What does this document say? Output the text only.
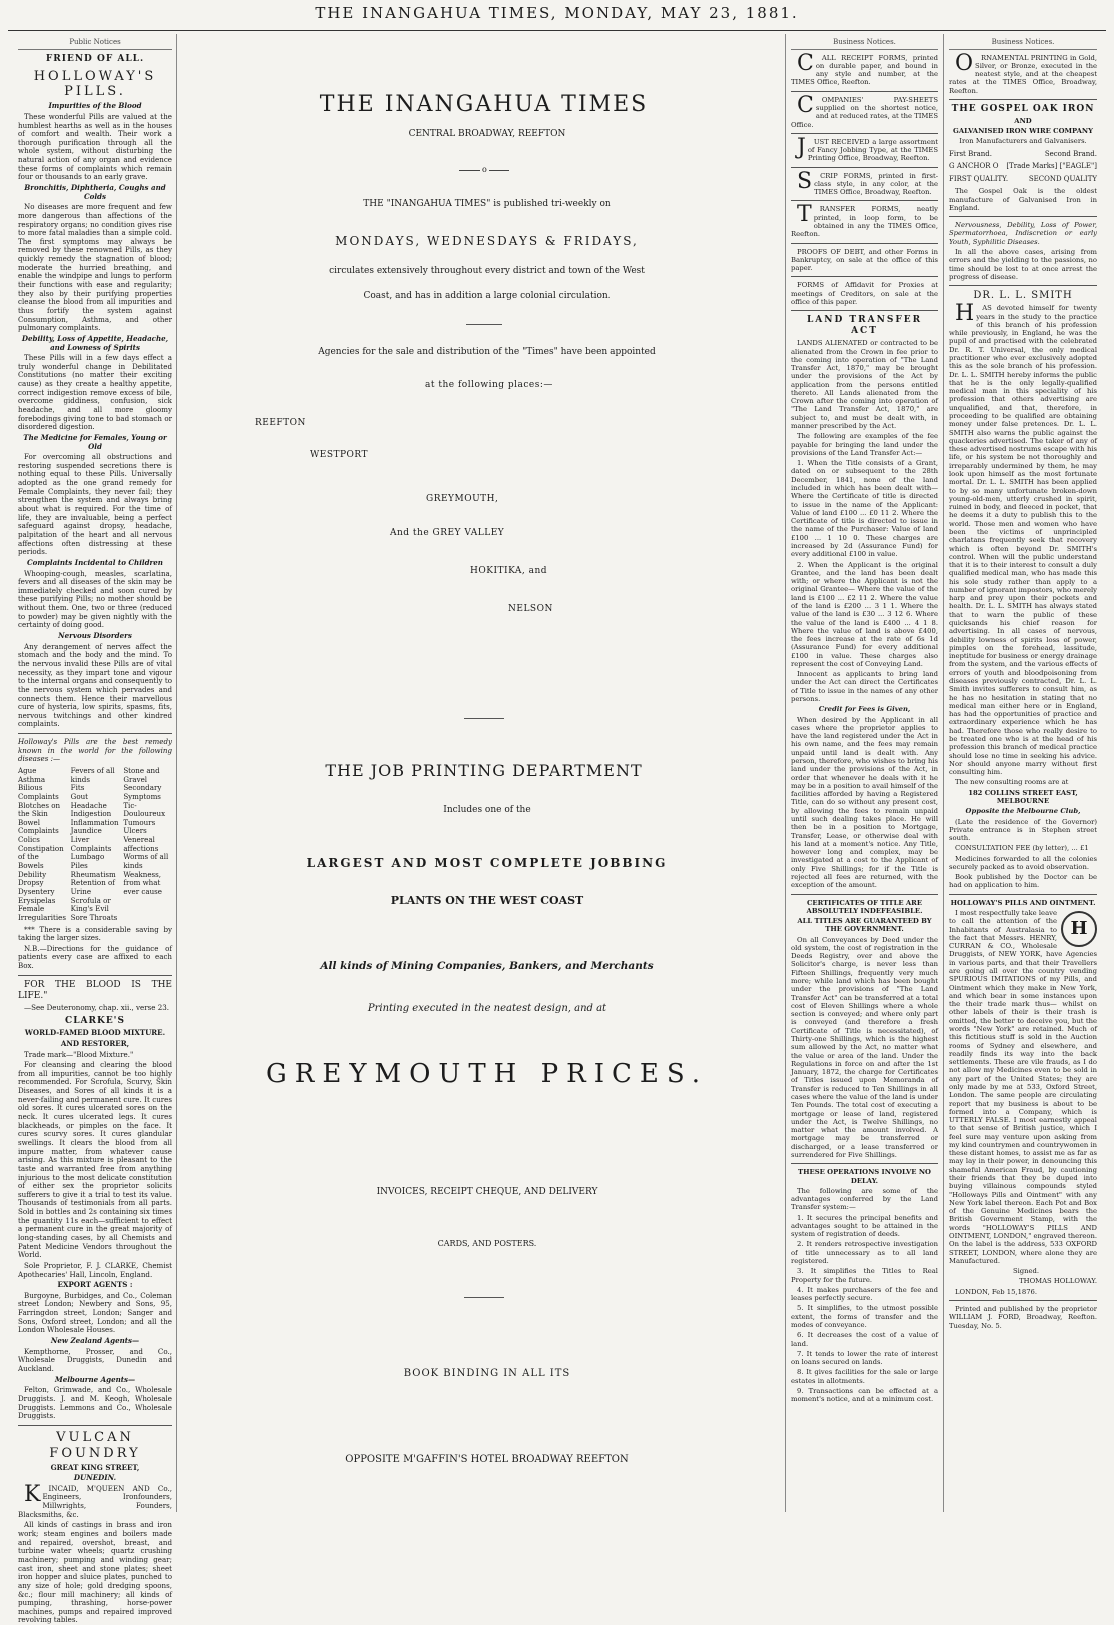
THE INANGAHUA TIMES, MONDAY, MAY 23, 1881.
Public Notices
FRIEND OF ALL.
HOLLOWAY'S PILLS.
Impurities of the Blood

These wonderful Pills are valued at the humblest hearths as well as in the houses of comfort and wealth. Their work a thorough purification through all the whole system, without disturbing the natural action of any organ and evidence these forms of complaints which remain four or thousands to an early grave.

Bronchitis, Diphtheria, Coughs and Colds

No diseases are more frequent and few more dangerous than affections of the respiratory organs; no condition gives rise to more fatal maladies than a simple cold. The first symptoms may always be removed by these renowned Pills, as they quickly remedy the stagnation of blood; moderate the hurried breathing, and enable the windpipe and lungs to perform their functions with ease and regularity; they also by their purifying properties cleanse the blood from all impurities and thus fortify the system against Consumption, Asthma, and other pulmonary complaints.

Debility, Loss of Appetite, Headache, and Lowness of Spirits

These Pills will in a few days effect a truly wonderful change in Debilitated Constitutions (no matter their exciting cause) as they create a healthy appetite, correct indigestion remove excess of bile, overcome giddiness, confusion, sick headache, and all more gloomy forebodings giving tone to bad stomach or disordered digestion.

The Medicine for Females, Young or Old

For overcoming all obstructions and restoring suspended secretions there is nothing equal to these Pills. Universally adopted as the one grand remedy for Female Complaints, they never fail; they strengthen the system and always bring about what is required. For the time of life, they are invaluable, being a perfect safeguard against dropsy, headache, palpitation of the heart and all nervous affections often distressing at these periods.

Complaints Incidental to Children

Whooping-cough, measles, scarlatina, fevers and all diseases of the skin may be immediately checked and soon cured by these purifying Pills; no mother should be without them. One, two or three (reduced to powder) may be given nightly with the certainty of doing good.

Nervous Disorders

Any derangement of nerves affect the stomach and the body and the mind. To the nervous invalid these Pills are of vital necessity, as they impart tone and vigour to the internal organs and consequently to the nervous system which pervades and connects them. Hence their marvellous cure of hysteria, low spirits, spasms, fits, nervous twitchings and other kindred complaints.

Holloway's Pills are the best remedy known in the world for the following diseases :—
Ague
Asthma
Bilious Complaints
Blotches on the Skin
Bowel Complaints
Colics
Constipation of the Bowels
Debility
Dropsy
Dysentery
Erysipelas
Female Irregularities
Fevers of all kinds
Fits
Gout
Headache
Indigestion
Inflammation
Jaundice
Liver Complaints
Lumbago
Piles
Rheumatism
Retention of Urine
Scrofula or King's Evil
Sore Throats
Stone and Gravel
Secondary Symptoms
Tic-Douloureux
Tumours
Ulcers
Venereal affections
Worms of all kinds
Weakness, from what ever cause

*** There is a considerable saving by taking the larger sizes.

N.B.—Directions for the guidance of patients every case are affixed to each Box.

FOR THE BLOOD IS THE LIFE."

—See Deuteronomy, chap. xii., verse 23.

CLARKE'S
WORLD-FAMED BLOOD MIXTURE.
AND RESTORER,

Trade mark—"Blood Mixture."

For cleansing and clearing the blood from all impurities, cannot be too highly recommended. For Scrofula, Scurvy, Skin Diseases, and Sores of all kinds it is a never-failing and permanent cure. It cures old sores. It cures ulcerated sores on the neck. It cures ulcerated legs. It cures blackheads, or pimples on the face. It cures scurvy sores. It cures glandular swellings. It clears the blood from all impure matter, from whatever cause arising. As this mixture is pleasant to the taste and warranted free from anything injurious to the most delicate constitution of either sex the proprietor solicits sufferers to give it a trial to test its value. Thousands of testimonials from all parts. Sold in bottles and 2s containing six times the quantity 11s each—sufficient to effect a permanent cure in the great majority of long-standing cases, by all Chemists and Patent Medicine Vendors throughout the World.

Sole Proprietor, F. J. CLARKE, Chemist Apothecaries' Hall, Lincoln, England.

EXPORT AGENTS :

Burgoyne, Burbidges, and Co., Coleman street London; Newbery and Sons, 95, Farringdon street, London; Sanger and Sons, Oxford street, London; and all the London Wholesale Houses.

New Zealand Agents—

Kempthorne, Prosser, and Co., Wholesale Druggists, Dunedin and Auckland.

Melbourne Agents—

Felton, Grimwade, and Co., Wholesale Druggists. J. and M. Keogh, Wholesale Druggists. Lemmons and Co., Wholesale Druggists.

VULCAN FOUNDRY
GREAT KING STREET,
DUNEDIN.

KINCAID, M'QUEEN AND Co., Engineers, Ironfounders, Millwrights, Founders, Blacksmiths, &c.

All kinds of castings in brass and iron work; steam engines and boilers made and repaired, overshot, breast, and turbine water wheels; quartz crushing machinery; pumping and winding gear; cast iron, sheet and stone plates; sheet iron hopper and sluice plates, punched to any size of hole; gold dredging spoons, &c.; flour mill machinery; all kinds of pumping, thrashing, horse-power machines, pumps and repaired improved revolving tables.

THE INANGAHUA TIMES

CENTRAL BROADWAY, REEFTON

o

THE "INANGAHUA TIMES" is published tri-weekly on

MONDAYS, WEDNESDAYS & FRIDAYS,

circulates extensively throughout every district and town of the West

Coast, and has in addition a large colonial circulation.

Agencies for the sale and distribution of the "Times" have been appointed

at the following places:—
REEFTON
WESTPORT
GREYMOUTH,
And the GREY VALLEY
HOKITIKA, and
NELSON
THE JOB PRINTING DEPARTMENT

Includes one of the

LARGEST AND MOST COMPLETE JOBBING

PLANTS ON THE WEST COAST

All kinds of Mining Companies, Bankers, and Merchants

Printing executed in the neatest design, and at

GREYMOUTH PRICES.

INVOICES, RECEIPT CHEQUE, AND DELIVERY

CARDS, AND POSTERS.

BOOK BINDING IN ALL ITS

OPPOSITE M'GAFFIN'S HOTEL BROADWAY REEFTON

Business Notices.

CALL RECEIPT FORMS, printed on durable paper, and bound in any style and number, at the TIMES Office, Reefton.

COMPANIES' PAY-SHEETS supplied on the shortest notice, and at reduced rates, at the TIMES Office.

JUST RECEIVED a large assortment of Fancy Jobbing Type, at the TIMES Printing Office, Broadway, Reefton.

SCRIP FORMS, printed in first-class style, in any color, at the TIMES Office, Broadway, Reefton.

TRANSFER FORMS, neatly printed, in loop form, to be obtained in any the TIMES Office, Reefton.

PROOFS OF DEBT, and other Forms in Bankruptcy, on sale at the office of this paper.

FORMS of Affidavit for Proxies at meetings of Creditors, on sale at the office of this paper.

LAND TRANSFER ACT

LANDS ALIENATED or contracted to be alienated from the Crown in fee prior to the coming into operation of "The Land Transfer Act, 1870," may be brought under the provisions of the Act by application from the persons entitled thereto. All Lands alienated from the Crown after the coming into operation of "The Land Transfer Act, 1870," are subject to, and must be dealt with, in manner prescribed by the Act.

The following are examples of the fee payable for bringing the land under the provisions of the Land Transfer Act:—

1. When the Title consists of a Grant, dated on or subsequent to the 28th December, 1841, none of the land included in which has been dealt with— Where the Certificate of title is directed to issue in the name of the Applicant: Value of land £100 ... £0 11 2. Where the Certificate of title is directed to issue in the name of the Purchaser: Value of land £100 ... 1 10 0. These charges are increased by 2d (Assurance Fund) for every additional £100 in value.

2. When the Applicant is the original Grantee, and the land has been dealt with; or where the Applicant is not the original Grantee— Where the value of the land is £100 ... £2 11 2. Where the value of the land is £200 ... 3 1 1. Where the value of the land is £30 ... 3 12 6. Where the value of the land is £400 ... 4 1 8. Where the value of land is above £400, the fees increase at the rate of 6s 1d (Assurance Fund) for every additional £100 in value. These charges also represent the cost of Conveying Land.

Innocent as applicants to bring land under the Act can direct the Certificates of Title to issue in the names of any other persons.

Credit for Fees is Given,

When desired by the Applicant in all cases where the proprietor applies to have the land registered under the Act in his own name, and the fees may remain unpaid until land is dealt with. Any person, therefore, who wishes to bring his land under the provisions of the Act, in order that whenever he deals with it he may be in a position to avail himself of the facilities afforded by having a Registered Title, can do so without any present cost, by allowing the fees to remain unpaid until such dealing takes place. He will then be in a position to Mortgage, Transfer, Lease, or otherwise deal with his land at a moment's notice. Any Title, however long and complex, may be investigated at a cost to the Applicant of only Five Shillings; for if the Title is rejected all fees are returned, with the exception of the amount.

CERTIFICATES OF TITLE ARE ABSOLUTELY INDEFEASIBLE.
ALL TITLES ARE GUARANTEED BY THE GOVERNMENT.

On all Conveyances by Deed under the old system, the cost of registration in the Deeds Registry, over and above the Solicitor's charge, is never less than Fifteen Shillings, frequently very much more; while land which has been bought under the provisions of "The Land Transfer Act" can be transferred at a total cost of Eleven Shillings where a whole section is conveyed; and where only part is conveyed (and therefore a fresh Certificate of Title is necessitated), of Thirty-one Shillings, which is the highest sum allowed by the Act, no matter what the value or area of the land. Under the Regulations in force on and after the 1st January, 1872, the charge for Certificates of Titles issued upon Memoranda of Transfer is reduced to Ten Shillings in all cases where the value of the land is under Ten Pounds. The total cost of executing a mortgage or lease of land, registered under the Act, is Twelve Shillings, no matter what the amount involved. A mortgage may be transferred or discharged, or a lease transferred or surrendered for Five Shillings.

THESE OPERATIONS INVOLVE NO DELAY.

The following are some of the advantages conferred by the Land Transfer system:—

1. It secures the principal benefits and advantages sought to be attained in the system of registration of deeds.

2. It renders retrospective investigation of title unnecessary as to all land registered.

3. It simplifies the Titles to Real Property for the future.

4. It makes purchasers of the fee and leases perfectly secure.

5. It simplifies, to the utmost possible extent, the forms of transfer and the modes of conveyance.

6. It decreases the cost of a value of land.

7. It tends to lower the rate of interest on loans secured on lands.

8. It gives facilities for the sale or large estates in allotments.

9. Transactions can be effected at a moment's notice, and at a minimum cost.

Business Notices.

ORNAMENTAL PRINTING in Gold, Silver, or Bronze, executed in the neatest style, and at the cheapest rates at the TIMES Office, Broadway, Reefton.

THE GOSPEL OAK IRON
AND
GALVANISED IRON WIRE COMPANY
Iron Manufacturers and Galvanisers.
First Brand.	Second Brand.
G ANCHOR O [Trade Marks] ["EAGLE"]
FIRST QUALITY.	SECOND QUALITY

The Gospel Oak is the oldest manufacture of Galvanised Iron in England.

Nervousness, Debility, Loss of Power, Spermatorrhoea, Indiscretion or early Youth, Syphilitic Diseases.

In all the above cases, arising from errors and the yielding to the passions, no time should be lost to at once arrest the progress of disease.

DR. L. L. SMITH

HAS devoted himself for twenty years in the study to the practice of this branch of his profession while previously, in England, he was the pupil of and practised with the celebrated Dr. R. T. Universal, the only medical practitioner who ever exclusively adopted this as the sole branch of his profession. Dr. L. L. SMITH hereby informs the public that he is the only legally-qualified medical man in this speciality of his profession that others advertising are unqualified, and that, therefore, in proceeding to be qualified are obtaining money under false pretences. Dr. L. L. SMITH also warns the public against the quackeries advertised. The taker of any of these advertised nostrums escape with his life, or his system be not thoroughly and irreparably undermined by them, he may look upon himself as the most fortunate mortal. Dr. L. L. SMITH has been applied to by so many unfortunate broken-down young-old-men, utterly crushed in spirit, ruined in body, and fleeced in pocket, that he deems it a duty to publish this to the world. Those men and women who have been the victims of unprincipled charlatans frequently seek that recovery which is often beyond Dr. SMITH's control. When will the public understand that it is to their interest to consult a duly qualified medical man, who has made this his sole study rather than apply to a number of ignorant impostors, who merely harp and prey upon their pockets and health. Dr. L. L. SMITH has always stated that to warn the public of these quicksands his chief reason for advertising. In all cases of nervous, debility lowness of spirits loss of power, pimples on the forehead, lassitude, ineptitude for business or energy drainage from the system, and the various effects of errors of youth and bloodpoisoning from diseases previously contracted, Dr. L. L. Smith invites sufferers to consult him, as he has no hesitation in stating that no medical man either here or in England, has had the opportunities of practice and extraordinary experience which he has had. Therefore those who really desire to be treated one who is at the head of his profession this branch of medical practice should lose no time in seeking his advice. Nor should anyone marry without first consulting him.

The new consulting rooms are at

182 COLLINS STREET EAST, MELBOURNE
Opposite the Melbourne Club,

(Late the residence of the Governor) Private entrance is in Stephen street south.

CONSULTATION FEE (by letter), ... £1

Medicines forwarded to all the colonies securely packed as to avoid observation.

Book published by the Doctor can be had on application to him.

HOLLOWAY'S PILLS AND OINTMENT.
H

I most respectfully take leave to call the attention of the Inhabitants of Australasia to the fact that Messrs. HENRY, CURRAN & CO., Wholesale Druggists, of NEW YORK, have Agencies in various parts, and that their Travellers are going all over the country vending SPURIOUS IMITATIONS of my Pills, and Ointment which they make in New York, and which bear in some instances upon the their trade mark thus— whilst on other labels of their is their trash is omitted, the better to deceive you, but the words "New York" are retained. Much of this fictitious stuff is sold in the Auction rooms of Sydney and elsewhere, and readily finds its way into the back settlements. These are vile frauds, as I do not allow my Medicines even to be sold in any part of the United States; they are only made by me at 533, Oxford Street, London. The same people are circulating report that my business is about to be formed into a Company, which is UTTERLY FALSE. I most earnestly appeal to that sense of British justice, which I feel sure may venture upon asking from my kind countrymen and countrywomen in these distant homes, to assist me as far as may lay in their power, in denouncing this shameful American Fraud, by cautioning their friends that they be duped into buying villainous compounds styled "Holloways Pills and Ointment" with any New York label thereon. Each Pot and Box of the Genuine Medicines bears the British Government Stamp, with the words "HOLLOWAY'S PILLS AND OINTMENT, LONDON," engraved thereon. On the label is the address, 533 OXFORD STREET, LONDON, where alone they are Manufactured.

Signed.

THOMAS HOLLOWAY.

LONDON, Feb 15,1876.

Printed and published by the proprietor WILLIAM J. FORD, Broadway, Reefton. Tuesday, No. 5.
